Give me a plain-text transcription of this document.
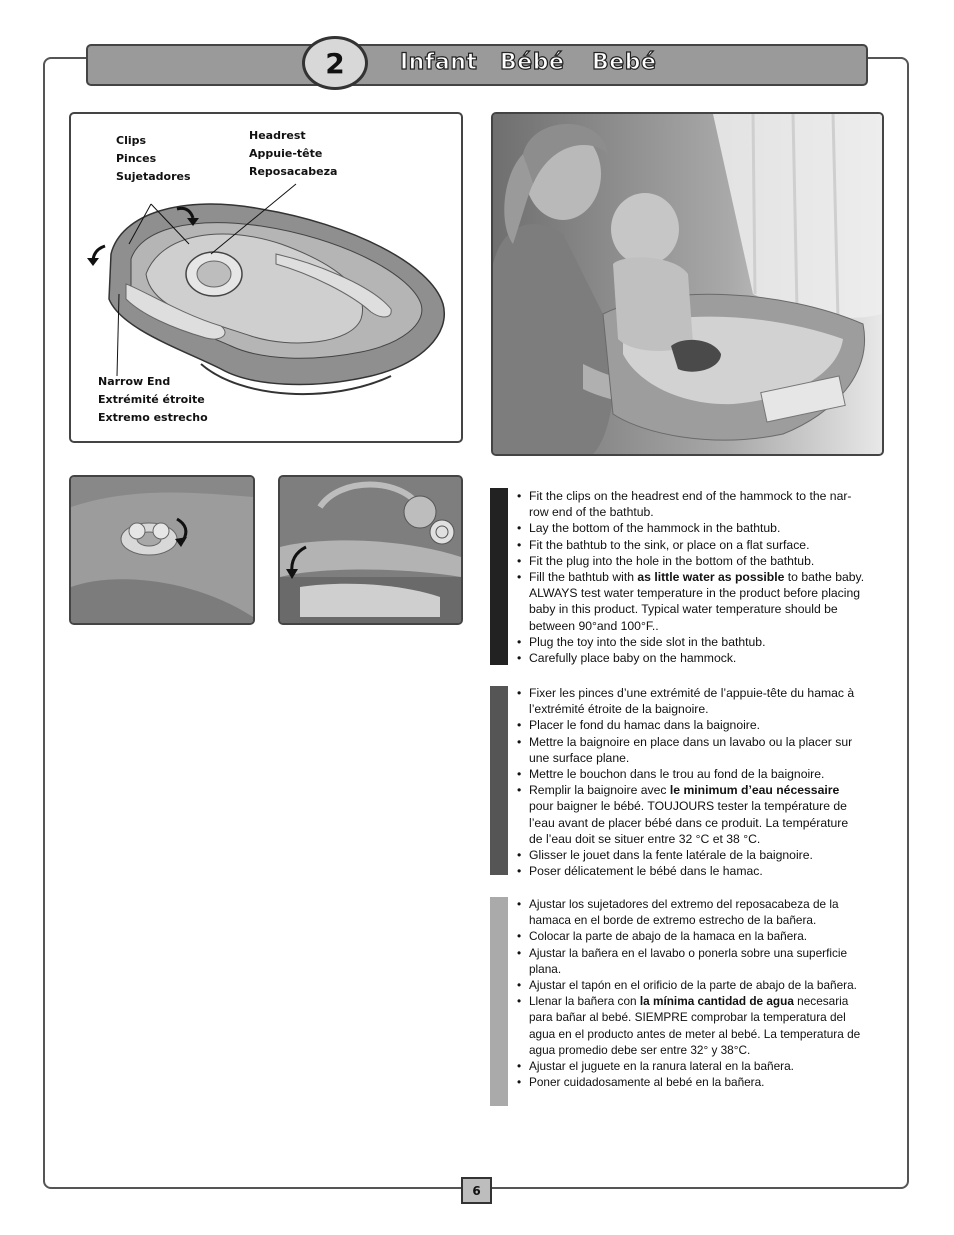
2	Infant Bébé Bebé
Clips
Pinces
Sujetadores
Headrest
Appuie-tête
Reposacabeza
Narrow End
Extrémité étroite
Extremo estrecho
• Fit the clips on the headrest end of the hammock to the nar-row end of the bathtub.
• Lay the bottom of the hammock in the bathtub.
• Fit the bathtub to the sink, or place on a flat surface.
• Fit the plug into the hole in the bottom of the bathtub.
• Fill the bathtub with as little water as possible to bathe baby. ALWAYS test water temperature in the product before placing baby in this product. Typical water temperature should be between 90°and 100°F..
• Plug the toy into the side slot in the bathtub.
• Carefully place baby on the hammock.
• Fixer les pinces d’une extrémité de l’appuie-tête du hamac à l’extrémité étroite de la baignoire.
• Placer le fond du hamac dans la baignoire.
• Mettre la baignoire en place dans un lavabo ou la placer sur une surface plane.
• Mettre le bouchon dans le trou au fond de la baignoire.
• Remplir la baignoire avec le minimum d’eau nécessaire pour baigner le bébé. TOUJOURS tester la température de l’eau avant de placer bébé dans ce produit. La température de l’eau doit se situer entre 32 °C et 38 °C.
• Glisser le jouet dans la fente latérale de la baignoire.
• Poser délicatement le bébé dans le hamac.
• Ajustar los sujetadores del extremo del reposacabeza de la hamaca en el borde de extremo estrecho de la bañera.
• Colocar la parte de abajo de la hamaca en la bañera.
• Ajustar la bañera en el lavabo o ponerla sobre una superficie plana.
• Ajustar el tapón en el orificio de la parte de abajo de la bañera.
• Llenar la bañera con la mínima cantidad de agua necesaria para bañar al bebé. SIEMPRE comprobar la temperatura del agua en el producto antes de meter al bebé. La temperatura de agua promedio debe ser entre 32° y 38°C.
• Ajustar el juguete en la ranura lateral en la bañera.
• Poner cuidadosamente al bebé en la bañera.
6
